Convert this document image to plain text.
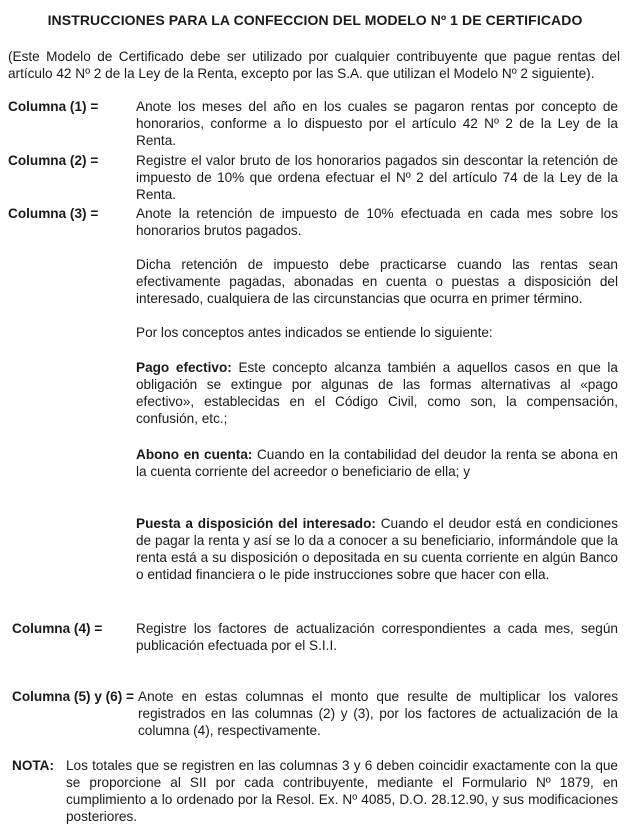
INSTRUCCIONES PARA LA CONFECCION DEL MODELO Nº 1 DE CERTIFICADO
(Este Modelo de Certificado debe ser utilizado por cualquier contribuyente que pague rentas del artículo 42 Nº 2 de la Ley de la Renta, excepto por las S.A. que utilizan el Modelo Nº 2 siguiente).
Columna (1) =	Anote los meses del año en los cuales se pagaron rentas por concepto de honorarios, conforme a lo dispuesto por el artículo 42 Nº 2 de la Ley de la Renta.
Columna (2) =	Registre el valor bruto de los honorarios pagados sin descontar la retención de impuesto de 10% que ordena efectuar el Nº 2 del artículo 74 de la Ley de la Renta.
Columna (3) =	Anote la retención de impuesto de 10% efectuada en cada mes sobre los honorarios brutos pagados.
Dicha retención de impuesto debe practicarse cuando las rentas sean efectivamente pagadas, abonadas en cuenta o puestas a disposición del interesado, cualquiera de las circunstancias que ocurra en primer término.
Por los conceptos antes indicados se entiende lo siguiente:
Pago efectivo: Este concepto alcanza también a aquellos casos en que la obligación se extingue por algunas de las formas alternativas al «pago efectivo», establecidas en el Código Civil, como son, la compensación, confusión, etc.;
Abono en cuenta: Cuando en la contabilidad del deudor la renta se abona en la cuenta corriente del acreedor o beneficiario de ella; y
Puesta a disposición del interesado: Cuando el deudor está en condiciones de pagar la renta y así se lo da a conocer a su beneficiario, informándole que la renta está a su disposición o depositada en su cuenta corriente en algún Banco o entidad financiera o le pide instrucciones sobre que hacer con ella.
Columna (4) = Registre los factores de actualización correspondientes a cada mes, según publicación efectuada por el S.I.I.
Columna (5) y (6) = Anote en estas columnas el monto que resulte de multiplicar los valores registrados en las columnas (2) y (3), por los factores de actualización de la columna (4), respectivamente.
NOTA: Los totales que se registren en las columnas 3 y 6 deben coincidir exactamente con la que se proporcione al SII por cada contribuyente, mediante el Formulario Nº 1879, en cumplimiento a lo ordenado por la Resol. Ex. Nº 4085, D.O. 28.12.90, y sus modificaciones posteriores.
